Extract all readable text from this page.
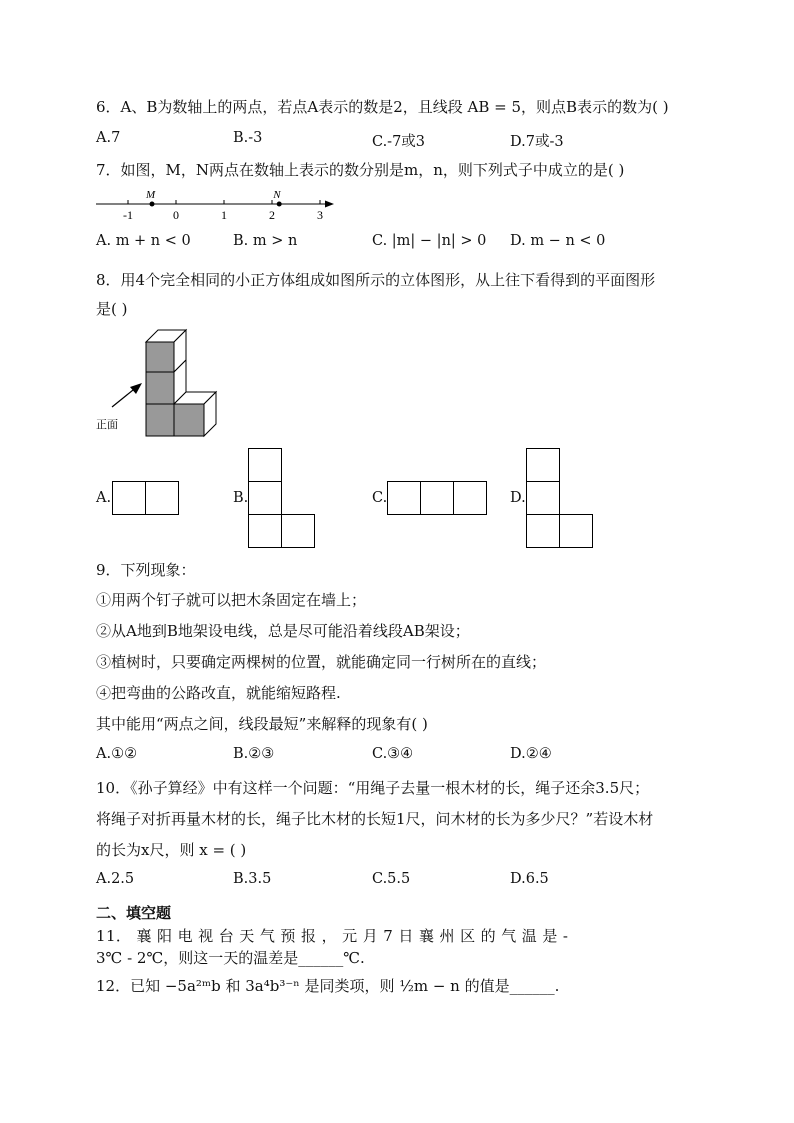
6．A、B为数轴上的两点，若点A表示的数是2，且线段 AB = 5，则点B表示的数为( )
A.7	B.-3	C.-7或3	D.7或-3
7．如图，M，N两点在数轴上表示的数分别是m，n，则下列式子中成立的是( )
-1	0	1	2	3
M	N
A. m + n < 0	B. m > n	C. |m| − |n| > 0 D. m − n < 0
8．用4个完全相同的小正方体组成如图所示的立体图形，从上往下看得到的平面图形
是( )
正面
A.	B.	C.	D.
9．下列现象：
①用两个钉子就可以把木条固定在墙上；
②从A地到B地架设电线，总是尽可能沿着线段AB架设；
③植树时，只要确定两棵树的位置，就能确定同一行树所在的直线；
④把弯曲的公路改直，就能缩短路程.
其中能用“两点之间，线段最短”来解释的现象有( )
A.①②	B.②③	C.③④	D.②④
10．《孙子算经》中有这样一个问题：“用绳子去量一根木材的长，绳子还余3.5尺；
将绳子对折再量木材的长，绳子比木材的长短1尺，问木材的长为多少尺？”若设木材
的长为x尺，则 x = ( )
A.2.5	B.3.5	C.5.5	D.6.5
二、填空题
11． 襄 阳 电 视 台 天 气 预 报 ， 元 月 7 日 襄 州 区 的 气 温 是 -
3℃ - 2℃，则这一天的温差是______℃.
12．已知 −5a²ᵐb 和 3a⁴b³⁻ⁿ 是同类项，则 ½m − n 的值是______.
